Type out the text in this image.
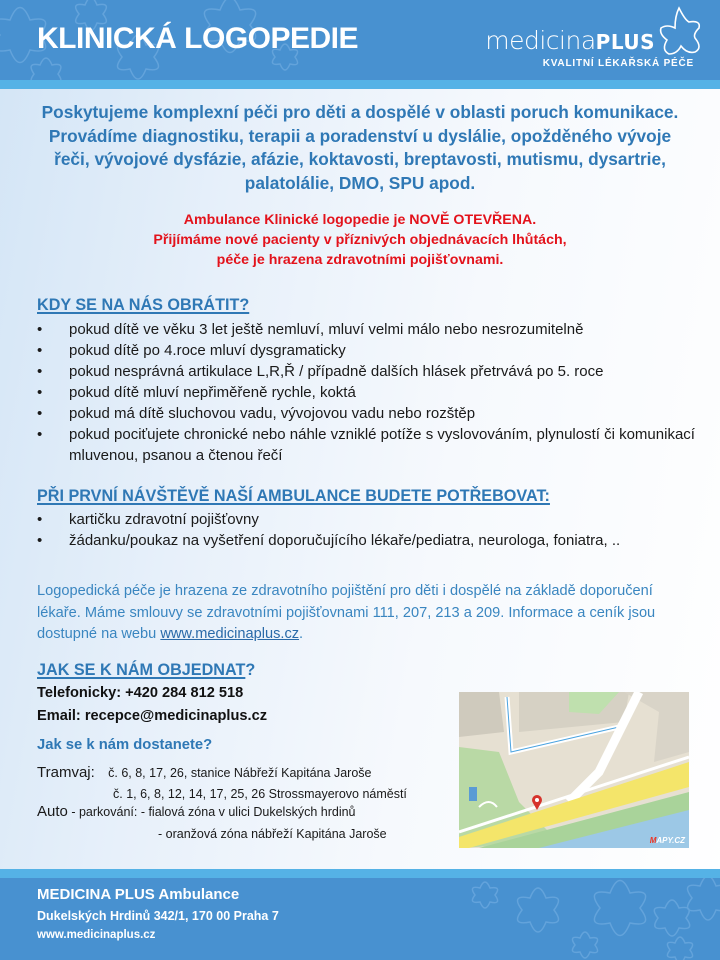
KLINICKÁ LOGOPEDIE	medicinaPLUS
KVALITNÍ LÉKAŘSKÁ PÉČE
Poskytujeme komplexní péči pro děti a dospělé v oblasti poruch komunikace. Provádíme diagnostiku, terapii a poradenství u dyslálie, opožděného vývoje řeči, vývojové dysfázie, afázie, koktavosti, breptavosti, mutismu, dysartrie, palatolálie, DMO, SPU apod.
Ambulance Klinické logopedie je NOVĚ OTEVŘENA.
Přijímáme nové pacienty v příznivých objednávacích lhůtách,
péče je hrazena zdravotními pojišťovnami.
KDY SE NA NÁS OBRÁTIT?
• pokud dítě ve věku 3 let ještě nemluví, mluví velmi málo nebo nesrozumitelně
• pokud dítě po 4.roce mluví dysgramaticky
• pokud nesprávná artikulace L,R,Ř / případně dalších hlásek přetrvává po 5. roce
• pokud dítě mluví nepřiměřeně rychle, koktá
• pokud má dítě sluchovou vadu, vývojovou vadu nebo rozštěp
• pokud pociťujete chronické nebo náhle vzniklé potíže s vyslovováním, plynulostí či komunikací mluvenou, psanou a čtenou řečí
PŘI PRVNÍ NÁVŠTĚVĚ NAŠÍ AMBULANCE BUDETE POTŘEBOVAT:
• kartičku zdravotní pojišťovny
• žádanku/poukaz na vyšetření doporučujícího lékaře/pediatra, neurologa, foniatra, ..
Logopedická péče je hrazena ze zdravotního pojištění pro děti i dospělé na základě doporučení lékaře. Máme smlouvy se zdravotními pojišťovnami 111, 207, 213 a 209. Informace a ceník jsou dostupné na webu www.medicinaplus.cz.
JAK SE K NÁM OBJEDNAT?
Telefonicky: +420 284 812 518
Email: recepce@medicinaplus.cz
Jak se k nám dostanete?
Tramvaj: č. 6, 8, 17, 26, stanice Nábřeží Kapitána Jaroše
č. 1, 6, 8, 12, 14, 17, 25, 26 Strossmayerovo náměstí
Auto - parkování: - fialová zóna v ulici Dukelských hrdinů
- oranžová zóna nábřeží Kapitána Jaroše	MAPY.CZ
MEDICINA PLUS Ambulance
Dukelských Hrdinů 342/1, 170 00 Praha 7
www.medicinaplus.cz
